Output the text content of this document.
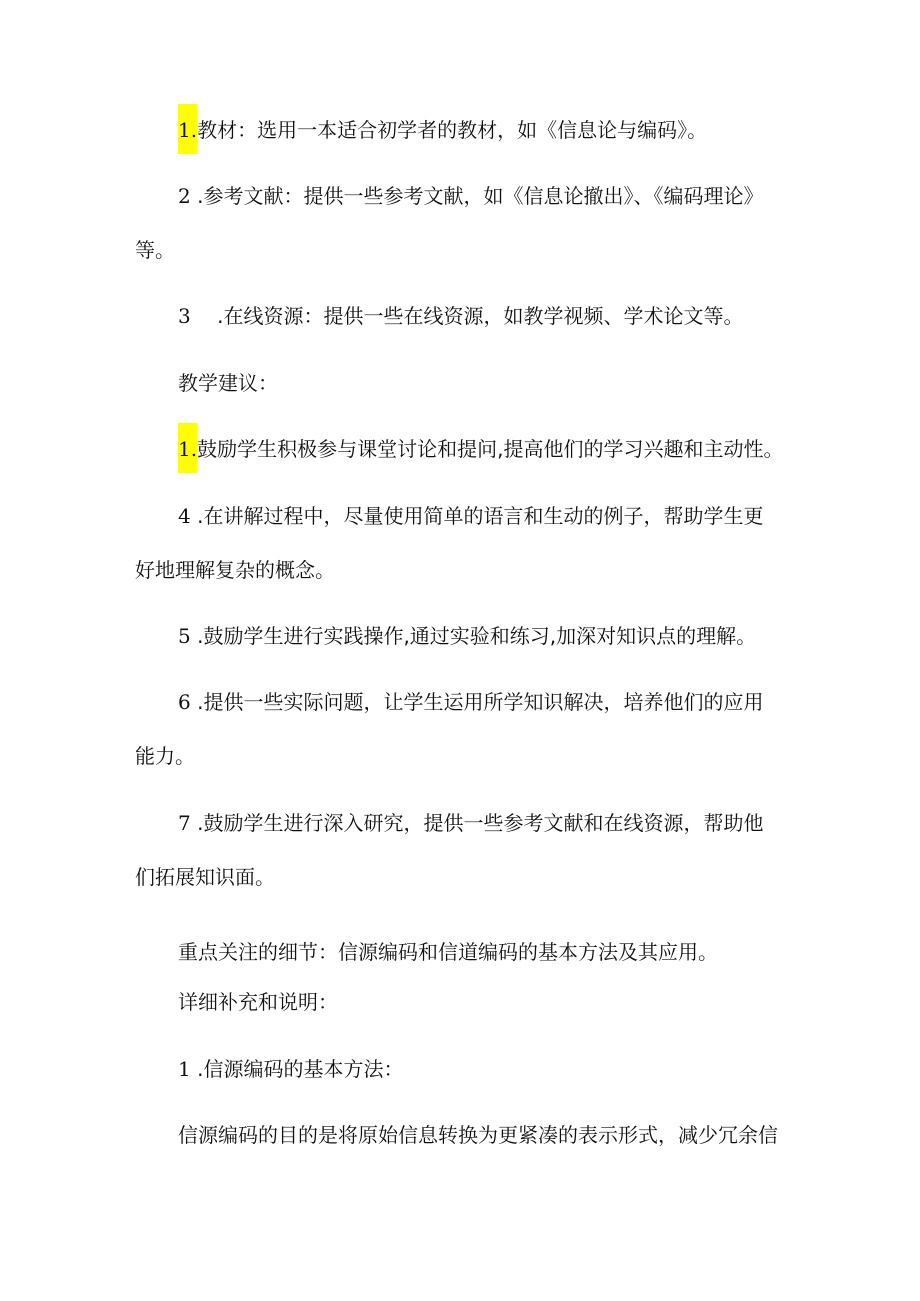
1.教材：选用一本适合初学者的教材，如《信息论与编码》。
2 .参考文献：提供一些参考文献，如《信息论撤出》、《编码理论》
等。
3　 .在线资源：提供一些在线资源，如教学视频、学术论文等。
教学建议：
1.鼓励学生积极参与课堂讨论和提问,提高他们的学习兴趣和主动性。
4 .在讲解过程中，尽量使用简单的语言和生动的例子，帮助学生更
好地理解复杂的概念。
5 .鼓励学生进行实践操作,通过实验和练习,加深对知识点的理解。
6 .提供一些实际问题，让学生运用所学知识解决，培养他们的应用
能力。
7 .鼓励学生进行深入研究，提供一些参考文献和在线资源，帮助他
们拓展知识面。
重点关注的细节：信源编码和信道编码的基本方法及其应用。
详细补充和说明：
1 .信源编码的基本方法：
信源编码的目的是将原始信息转换为更紧凑的表示形式，减少冗余信
